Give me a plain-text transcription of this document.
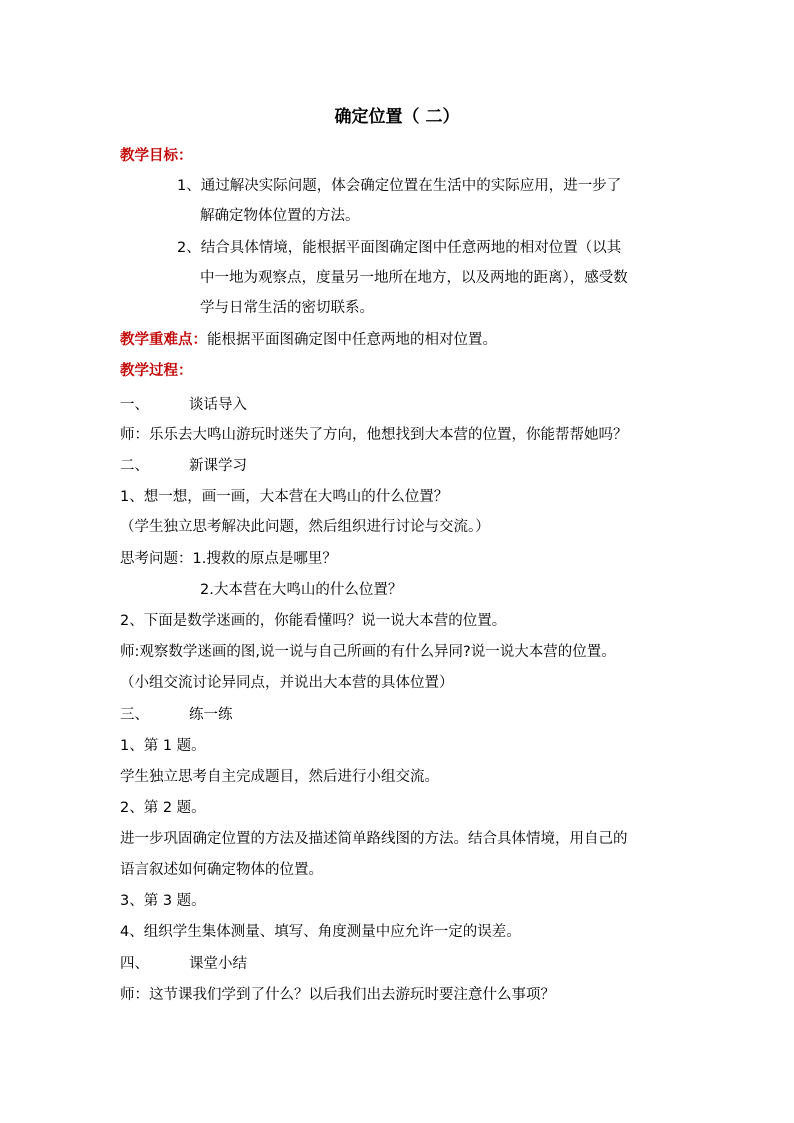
确定位置（ 二）
教学目标：
1、通过解决实际问题，体会确定位置在生活中的实际应用，进一步了
解确定物体位置的方法。
2、结合具体情境，能根据平面图确定图中任意两地的相对位置（以其
中一地为观察点，度量另一地所在地方，以及两地的距离），感受数
学与日常生活的密切联系。
教学重难点：能根据平面图确定图中任意两地的相对位置。
教学过程：
一、	谈话导入
师：乐乐去大鸣山游玩时迷失了方向，他想找到大本营的位置，你能帮帮她吗？
二、	新课学习
1、想一想，画一画，大本营在大鸣山的什么位置？
（学生独立思考解决此问题，然后组织进行讨论与交流。）
思考问题：1.搜救的原点是哪里？
2.大本营在大鸣山的什么位置？
2、下面是数学迷画的，你能看懂吗？说一说大本营的位置。
师:观察数学迷画的图,说一说与自己所画的有什么异同?说一说大本营的位置。
（小组交流讨论异同点，并说出大本营的具体位置）
三、	练一练
1、第 1 题。
学生独立思考自主完成题目，然后进行小组交流。
2、第 2 题。
进一步巩固确定位置的方法及描述简单路线图的方法。结合具体情境，用自己的
语言叙述如何确定物体的位置。
3、第 3 题。
4、组织学生集体测量、填写、角度测量中应允许一定的误差。
四、	课堂小结
师：这节课我们学到了什么？以后我们出去游玩时要注意什么事项？
